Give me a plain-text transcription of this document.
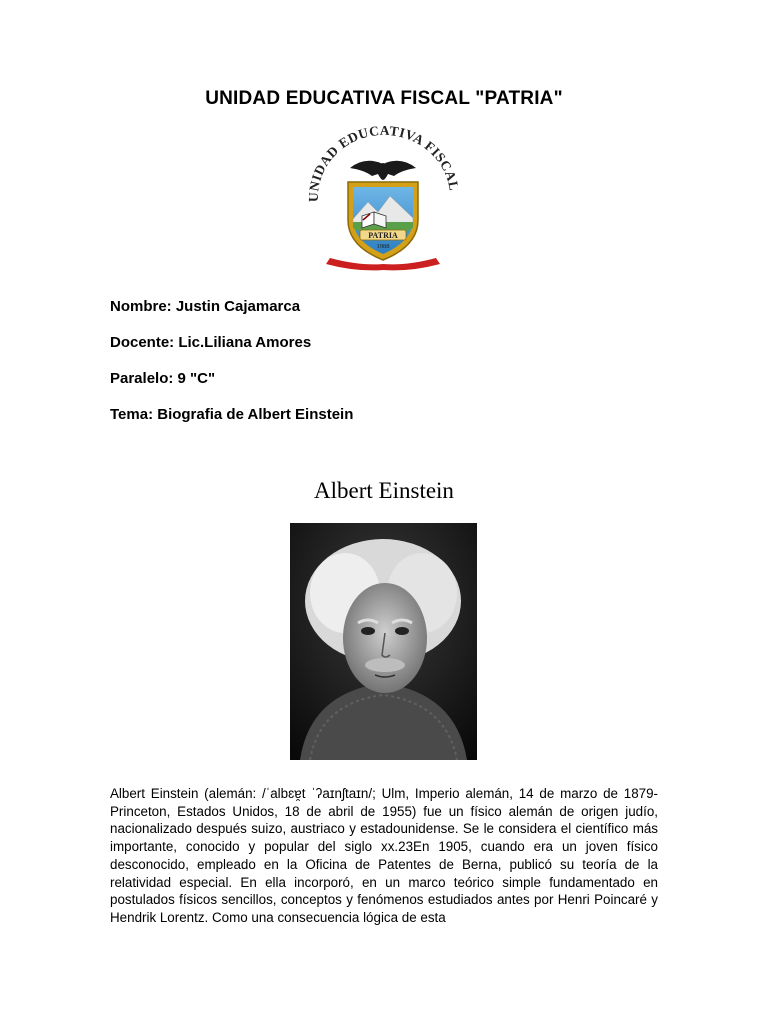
UNIDAD EDUCATIVA FISCAL "PATRIA"
UNIDAD EDUCATIVA FISCAL
PATRIA
1988
Nombre: Justin Cajamarca
Docente: Lic.Liliana Amores
Paralelo: 9 "C"
Tema: Biografia de Albert Einstein
Albert Einstein
Albert Einstein (alemán: /ˈalbɛɐ̯t ˈʔaɪnʃtaɪn/; Ulm, Imperio alemán, 14 de marzo de 1879-Princeton, Estados Unidos, 18 de abril de 1955) fue un físico alemán de origen judío, nacionalizado después suizo, austriaco y estadounidense. Se le considera el científico más importante, conocido y popular del siglo xx.23En 1905, cuando era un joven físico desconocido, empleado en la Oficina de Patentes de Berna, publicó su teoría de la relatividad especial. En ella incorporó, en un marco teórico simple fundamentado en postulados físicos sencillos, conceptos y fenómenos estudiados antes por Henri Poincaré y Hendrik Lorentz. Como una consecuencia lógica de esta
